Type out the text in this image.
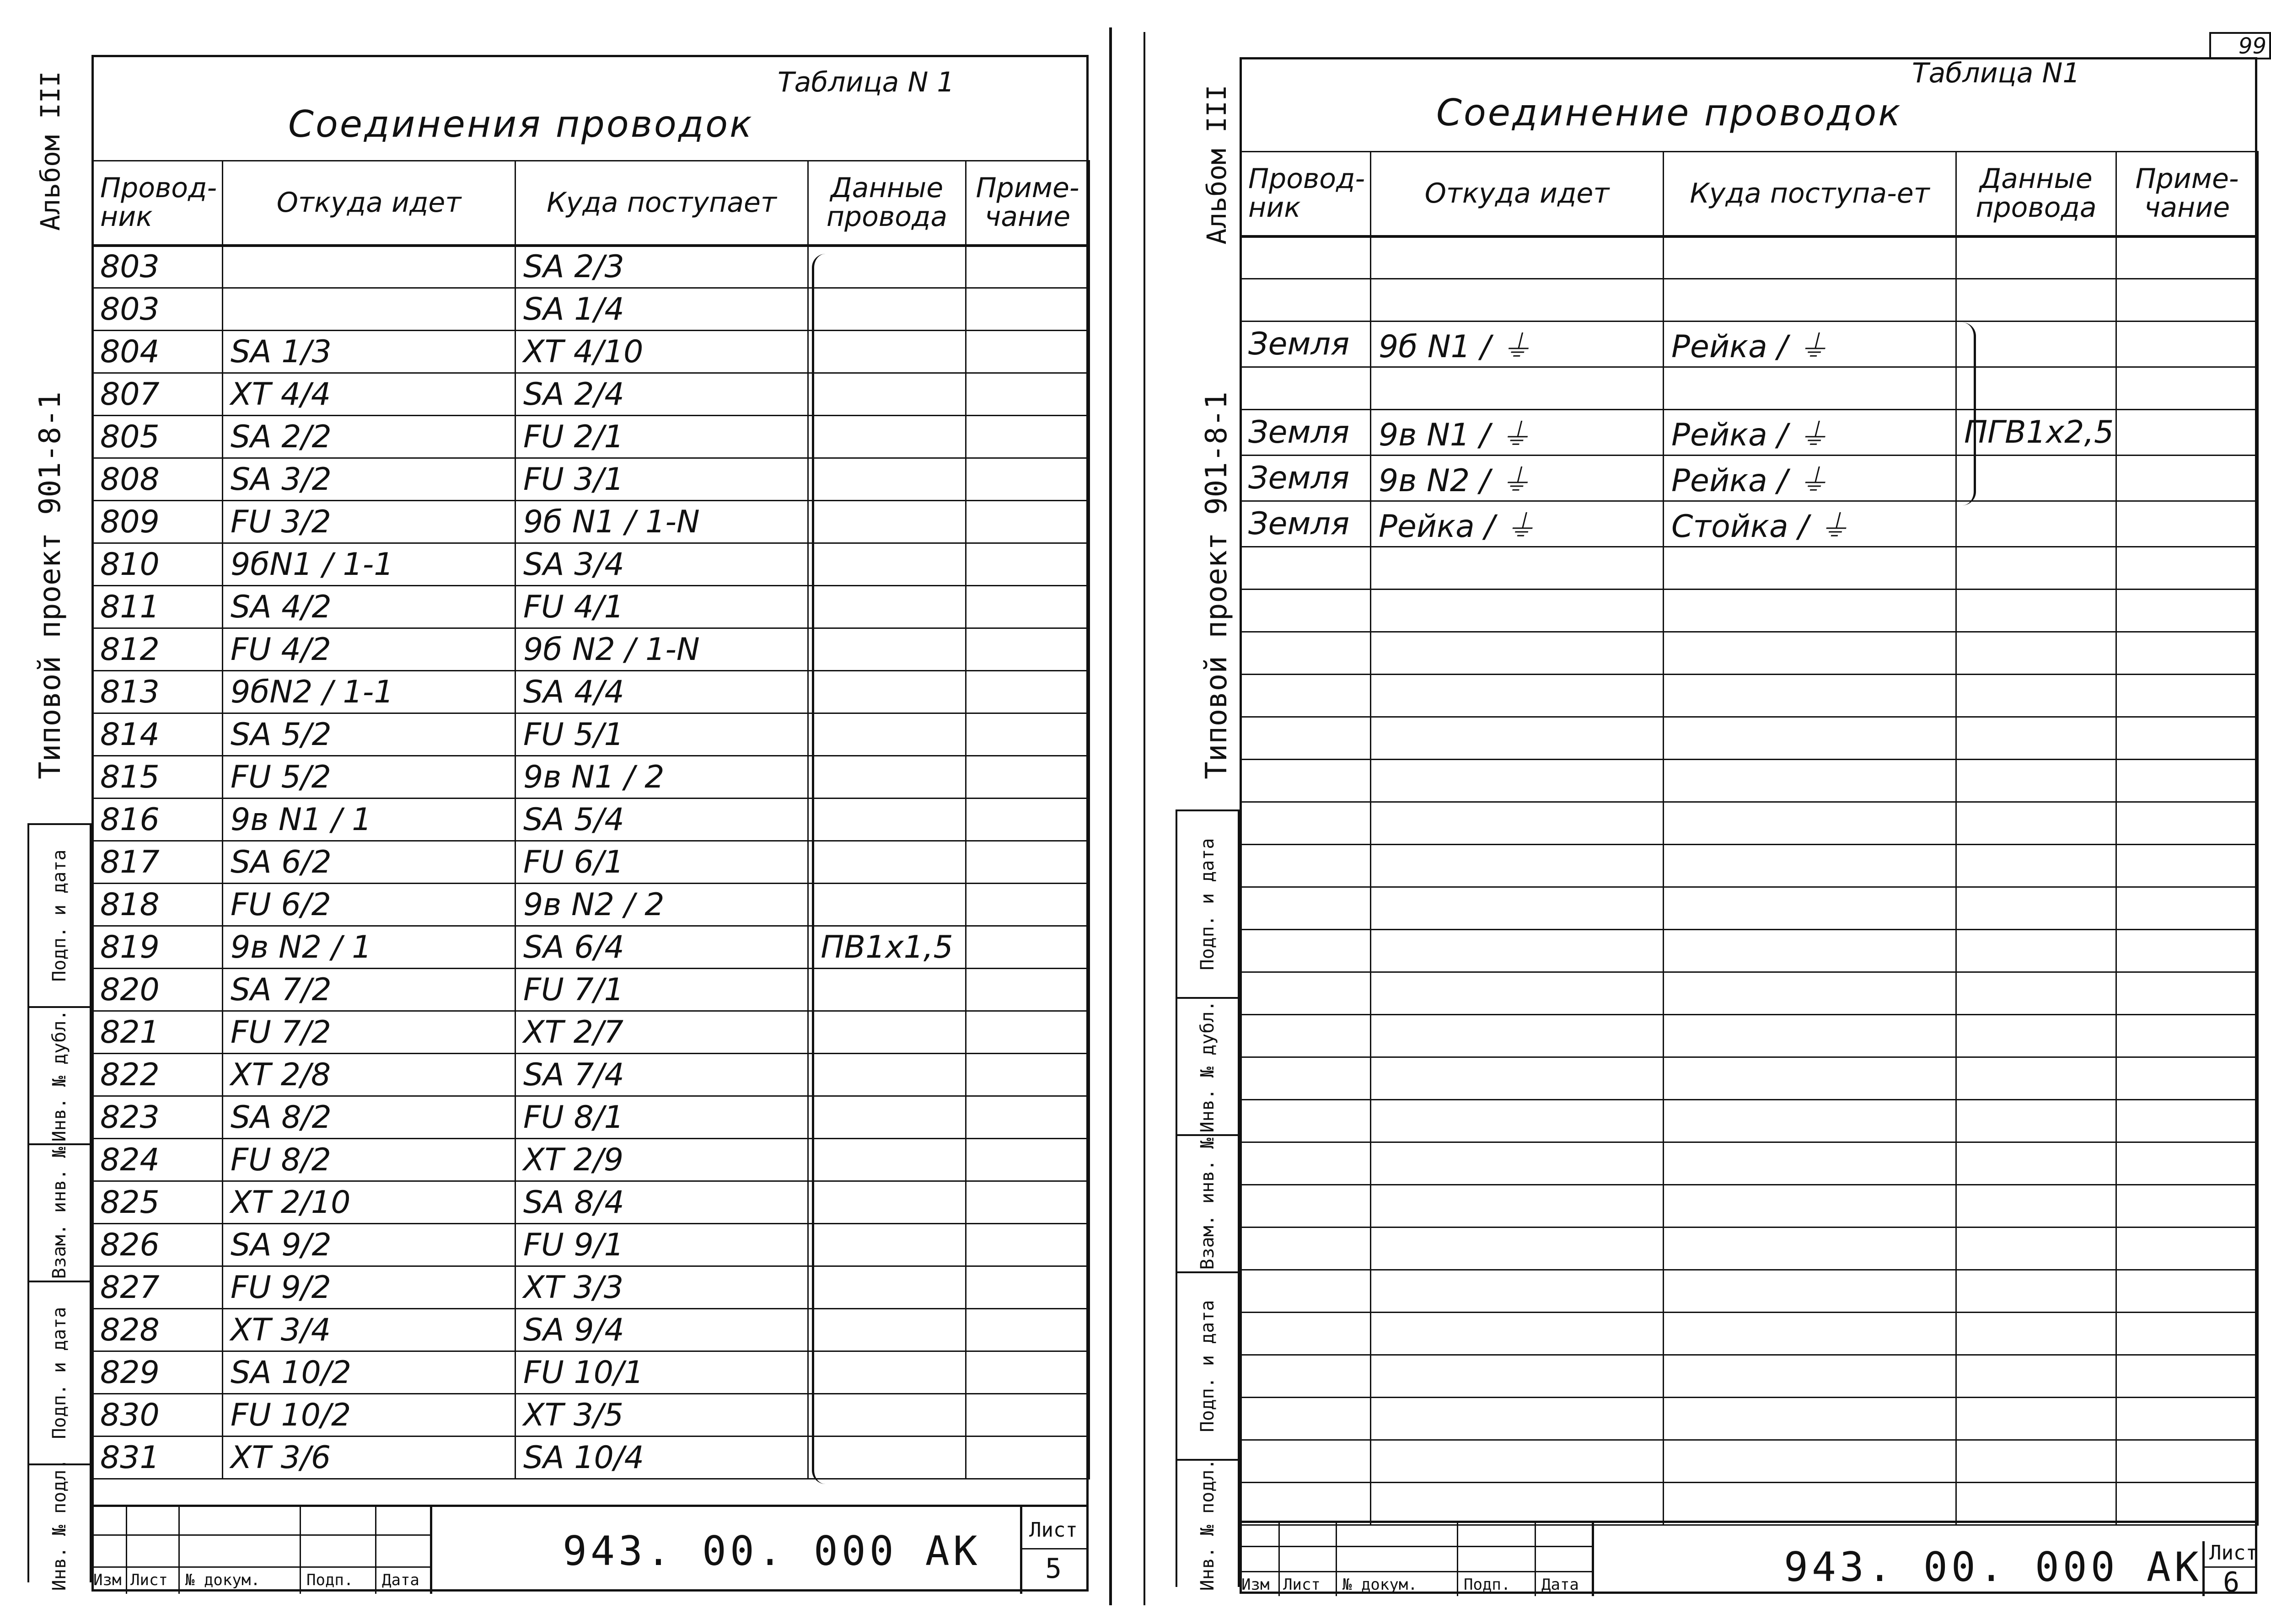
Альбом III
Типовой проект 901-8-1
Подп. и дата
Инв. № дубл.
Взам. инв. №
Подп. и дата
Инв. № подл.
Таблица N 1
Соединения проводок
Провод-ник	Откуда идет	Куда поступает	Данные провода	Приме-чание
803		SA 2/3		
803		SA 1/4		
804	SA 1/3	XT 4/10		
807	XT 4/4	SA 2/4		
805	SA 2/2	FU 2/1		
808	SA 3/2	FU 3/1		
809	FU 3/2	9б N1 / 1-N		
810	9бN1 / 1-1	SA 3/4		
811	SA 4/2	FU 4/1		
812	FU 4/2	9б N2 / 1-N		
813	9бN2 / 1-1	SA 4/4		
814	SA 5/2	FU 5/1		
815	FU 5/2	9в N1 / 2		
816	9в N1 / 1	SA 5/4		
817	SA 6/2	FU 6/1		
818	FU 6/2	9в N2 / 2		
819	9в N2 / 1	SA 6/4	ПВ1х1,5	
820	SA 7/2	FU 7/1		
821	FU 7/2	XT 2/7		
822	XT 2/8	SA 7/4		
823	SA 8/2	FU 8/1		
824	FU 8/2	XT 2/9		
825	XT 2/10	SA 8/4		
826	SA 9/2	FU 9/1		
827	FU 9/2	XT 3/3		
828	XT 3/4	SA 9/4		
829	SA 10/2	FU 10/1		
830	FU 10/2	XT 3/5		
831	XT 3/6	SA 10/4		
Изм Лист № докум.	Подп. Дата
943. 00. 000 АК Лист
5
99
Альбом III
Типовой проект 901-8-1
Подп. и дата
Инв. № дубл.
Взам. инв. №
Подп. и дата
Инв. № подл.
Таблица N1
Соединение проводок
Провод-ник	Откуда идет	Куда поступа-ет	Данные провода	Приме-чание

Земля	9б N1 / ⏚	Рейка / ⏚		

Земля	9в N1 / ⏚	Рейка / ⏚	ПГВ1х2,5	
Земля	9в N2 / ⏚	Рейка / ⏚		
Земля	Рейка / ⏚	Стойка / ⏚		

Изм Лист № докум.	Подп. Дата	943. 00. 000 АК Лист
6
